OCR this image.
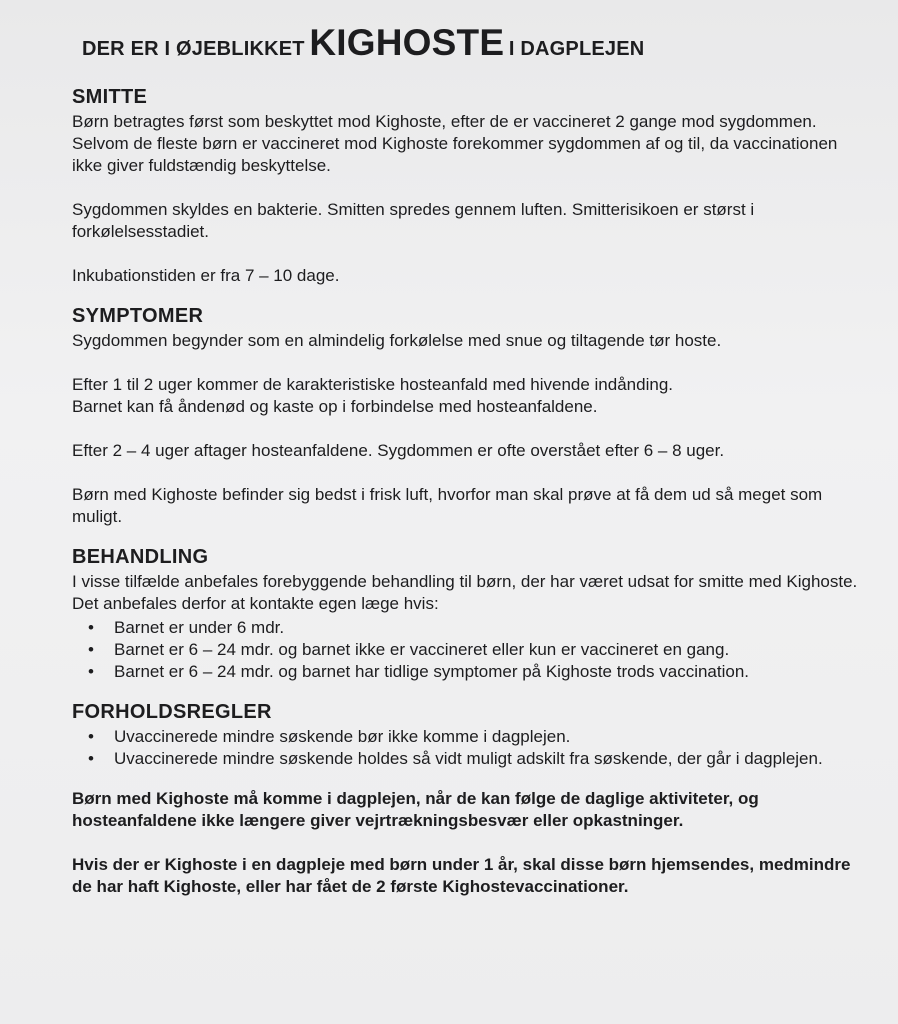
DER ER I ØJEBLIKKET KIGHOSTE I DAGPLEJEN
SMITTE

Børn betragtes først som beskyttet mod Kighoste, efter de er vaccineret 2 gange mod sygdommen.

Selvom de fleste børn er vaccineret mod Kighoste forekommer sygdommen af og til, da vaccinationen ikke giver fuldstændig beskyttelse.

Sygdommen skyldes en bakterie. Smitten spredes gennem luften. Smitterisikoen er størst i forkølelsesstadiet.

Inkubationstiden er fra 7 – 10 dage.

SYMPTOMER

Sygdommen begynder som en almindelig forkølelse med snue og tiltagende tør hoste.

Efter 1 til 2 uger kommer de karakteristiske hosteanfald med hivende indånding.

Barnet kan få åndenød og kaste op i forbindelse med hosteanfaldene.

Efter 2 – 4 uger aftager hosteanfaldene. Sygdommen er ofte overstået efter 6 – 8 uger.

Børn med Kighoste befinder sig bedst i frisk luft, hvorfor man skal prøve at få dem ud så meget som muligt.

BEHANDLING

I visse tilfælde anbefales forebyggende behandling til børn, der har været udsat for smitte med Kighoste. Det anbefales derfor at kontakte egen læge hvis:

• Barnet er under 6 mdr.
• Barnet er 6 – 24 mdr. og barnet ikke er vaccineret eller kun er vaccineret en gang.
• Barnet er 6 – 24 mdr. og barnet har tidlige symptomer på Kighoste trods vaccination.
FORHOLDSREGLER
• Uvaccinerede mindre søskende bør ikke komme i dagplejen.
• Uvaccinerede mindre søskende holdes så vidt muligt adskilt fra søskende, der går i dagplejen.

Børn med Kighoste må komme i dagplejen, når de kan følge de daglige aktiviteter, og hosteanfaldene ikke længere giver vejrtrækningsbesvær eller opkastninger.

Hvis der er Kighoste i en dagpleje med børn under 1 år, skal disse børn hjemsendes, medmindre de har haft Kighoste, eller har fået de 2 første Kighostevaccinationer.
